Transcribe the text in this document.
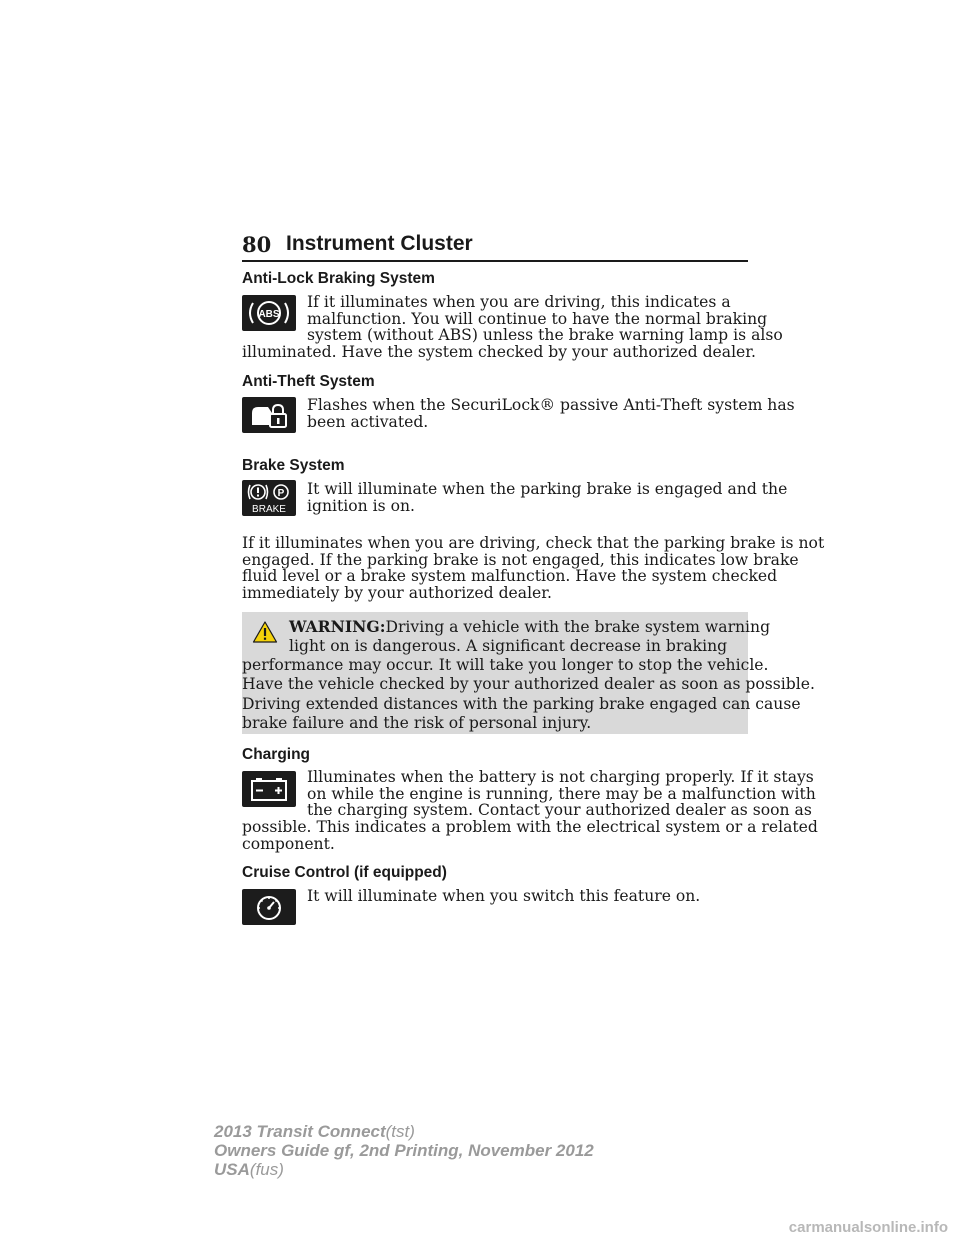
80 Instrument Cluster
Anti-Lock Braking System
ABS

If it illuminates when you are driving, this indicates a

malfunction. You will continue to have the normal braking

system (without ABS) unless the brake warning lamp is also

illuminated. Have the system checked by your authorized dealer.

Anti-Theft System

Flashes when the SecuriLock® passive Anti-Theft system has

been activated.

Brake System
P
BRAKE

It will illuminate when the parking brake is engaged and the

ignition is on.

If it illuminates when you are driving, check that the parking brake is not

engaged. If the parking brake is not engaged, this indicates low brake

fluid level or a brake system malfunction. Have the system checked

immediately by your authorized dealer.

WARNING:Driving a vehicle with the brake system warning
light on is dangerous. A significant decrease in braking
performance may occur. It will take you longer to stop the vehicle.
Have the vehicle checked by your authorized dealer as soon as possible.
Driving extended distances with the parking brake engaged can cause
brake failure and the risk of personal injury.
Charging

Illuminates when the battery is not charging properly. If it stays

on while the engine is running, there may be a malfunction with

the charging system. Contact your authorized dealer as soon as

possible. This indicates a problem with the electrical system or a related

component.

Cruise Control (if equipped)

It will illuminate when you switch this feature on.

2013 Transit Connect(tst)
Owners Guide gf, 2nd Printing, November 2012
USA(fus)
carmanualsonline.info
